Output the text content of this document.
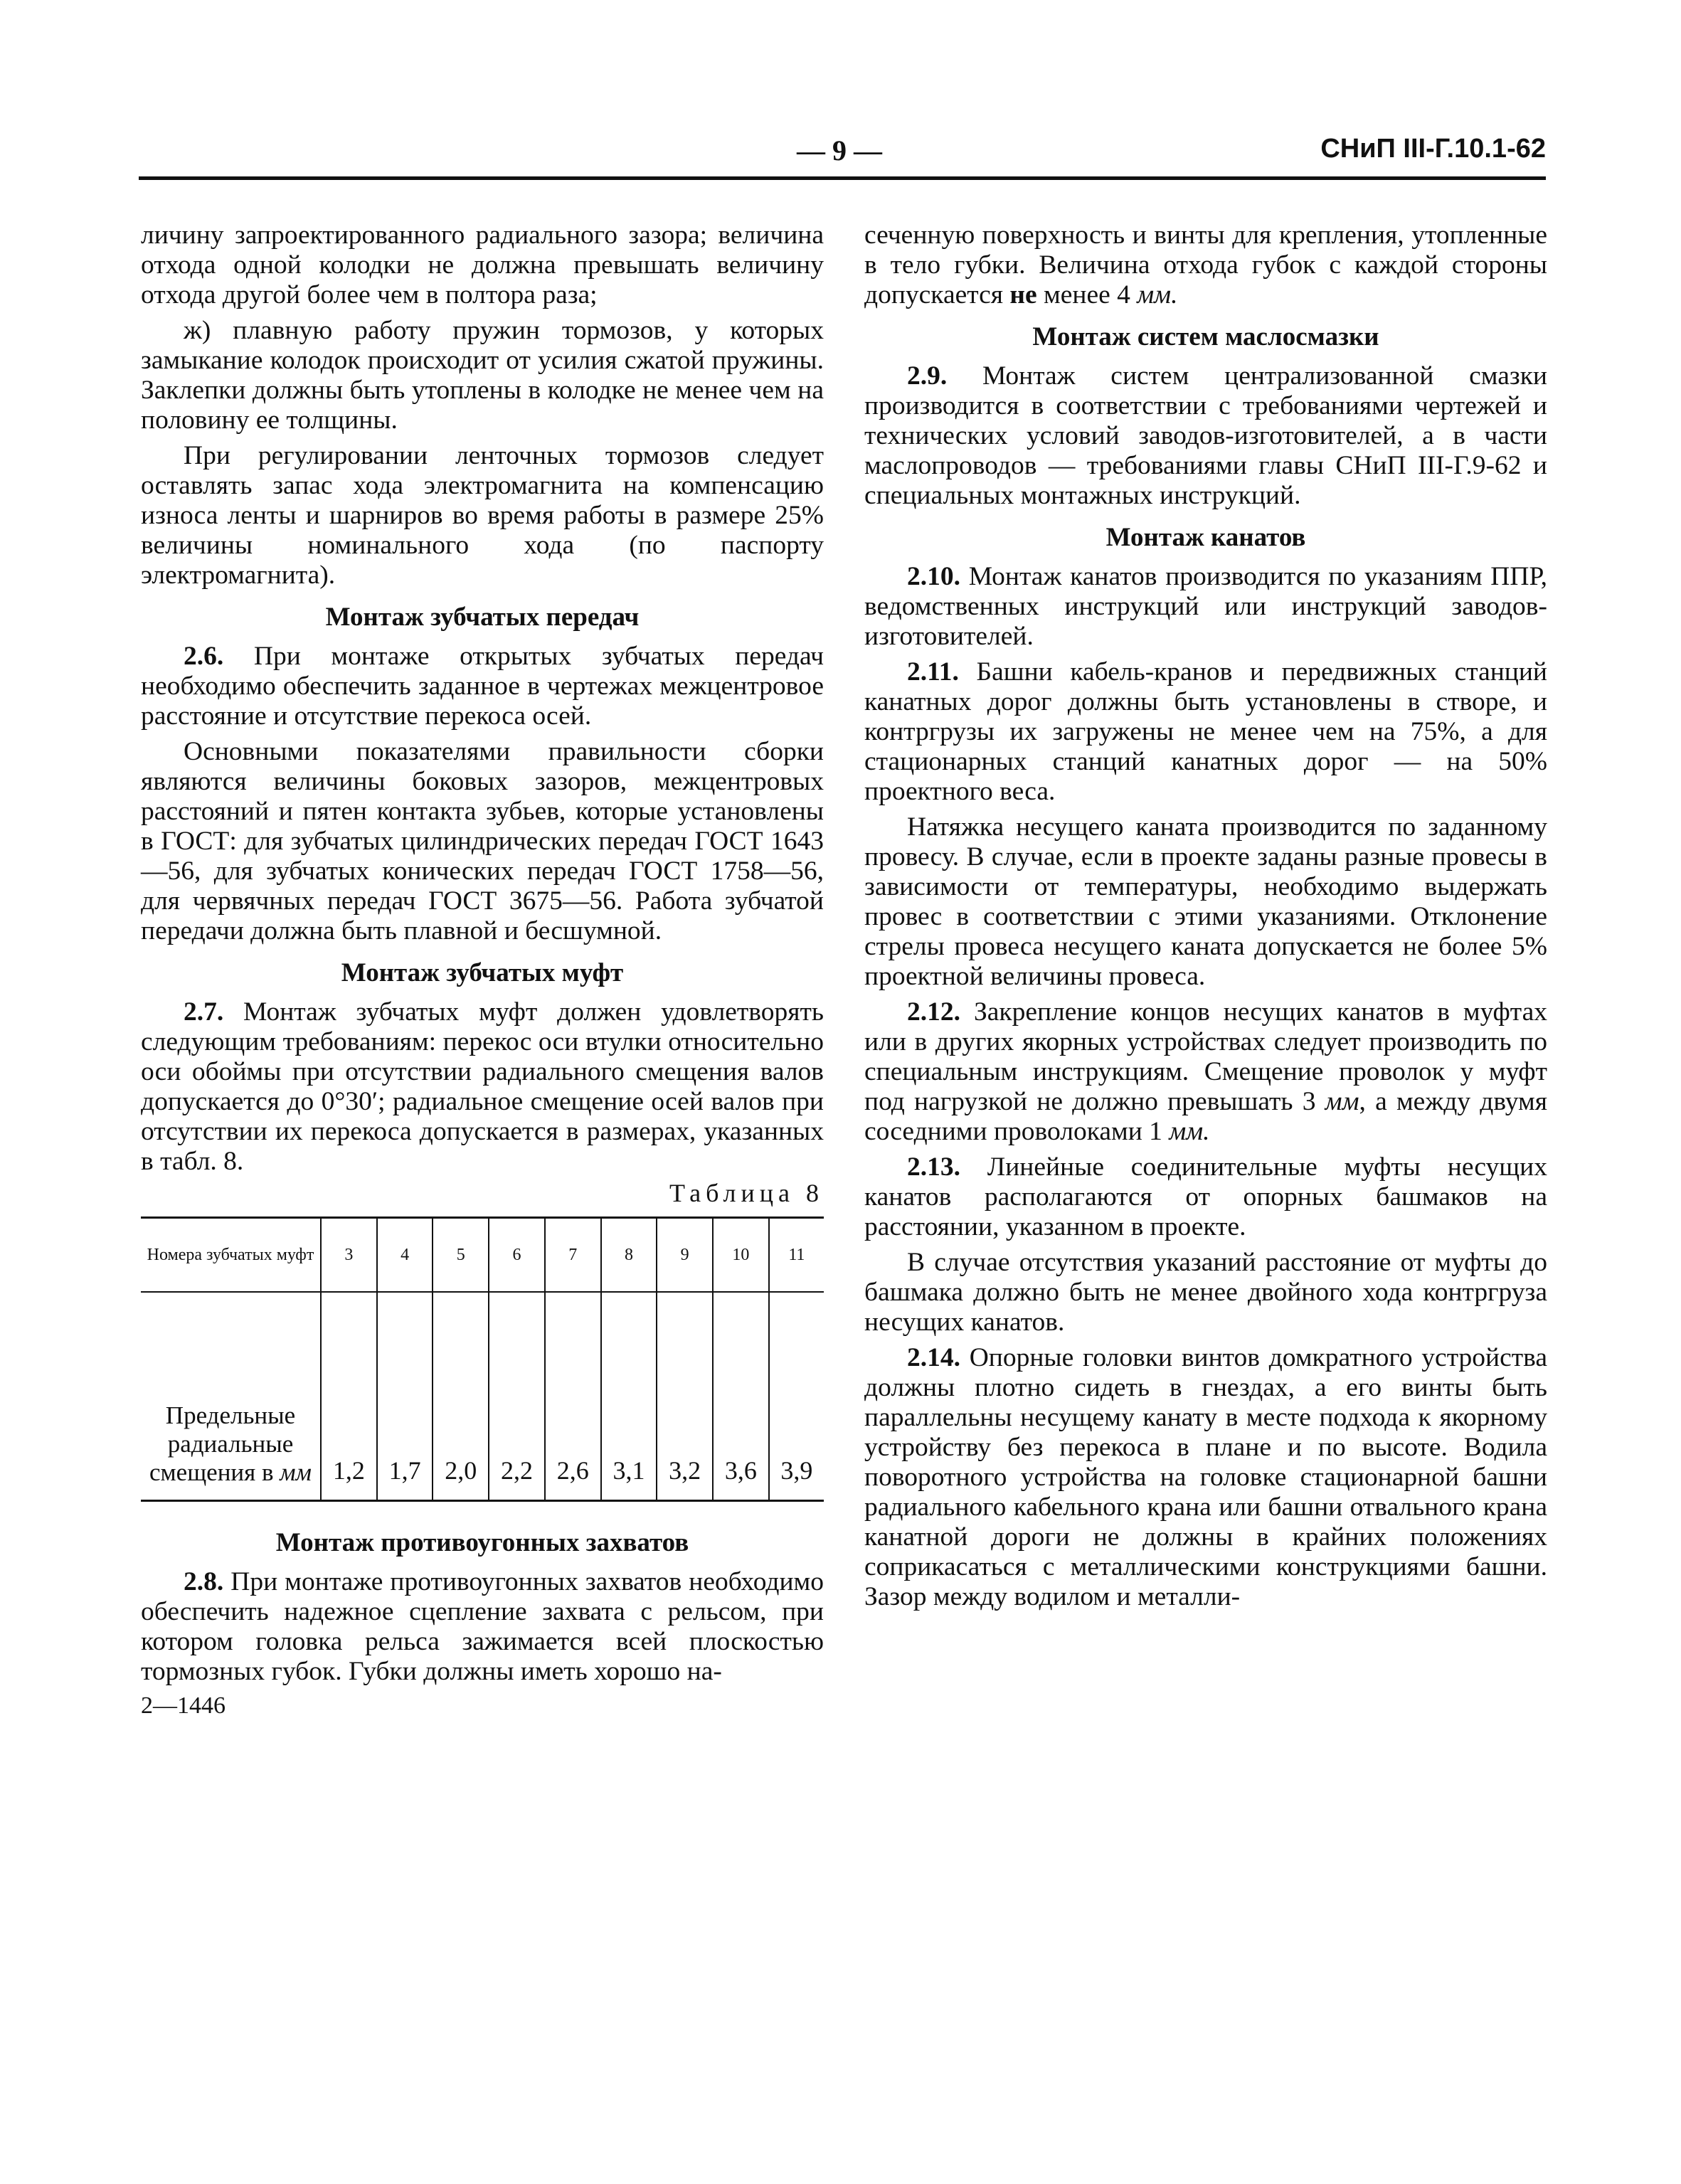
— 9 —	СНиП III-Г.10.1-62

личину запроектированного радиального зазора; величина отхода одной колодки не должна превышать величину отхода другой более чем в полтора раза;

ж) плавную работу пружин тормозов, у которых замыкание колодок происходит от усилия сжатой пружины. Заклепки должны быть утоплены в колодке не менее чем на половину ее толщины.

При регулировании ленточных тормозов следует оставлять запас хода электромагнита на компенсацию износа ленты и шарниров во время работы в размере 25% величины номинального хода (по паспорту электромагнита).

Монтаж зубчатых передач

2.6. При монтаже открытых зубчатых передач необходимо обеспечить заданное в чертежах межцентровое расстояние и отсутствие перекоса осей.

Основными показателями правильности сборки являются величины боковых зазоров, межцентровых расстояний и пятен контакта зубьев, которые установлены в ГОСТ: для зубчатых цилиндрических передач ГОСТ 1643—56, для зубчатых конических передач ГОСТ 1758—56, для червячных передач ГОСТ 3675—56. Работа зубчатой передачи должна быть плавной и бесшумной.

Монтаж зубчатых муфт

2.7. Монтаж зубчатых муфт должен удовлетворять следующим требованиям: перекос оси втулки относительно оси обоймы при отсутствии радиального смещения валов допускается до 0°30′; радиальное смещение осей валов при отсутствии их перекоса допускается в размерах, указанных в табл. 8.

Таблица 8
Номера зубчатых муфт	3	4	5	6	7	8	9	10	11
Предельные радиальные смещения в мм	1,2	1,7	2,0	2,2	2,6	3,1	3,2	3,6	3,9
Монтаж противоугонных захватов

2.8. При монтаже противоугонных захватов необходимо обеспечить надежное сцепление захвата с рельсом, при котором головка рельса зажимается всей плоскостью тормозных губок. Губки должны иметь хорошо на-

2—1446

сеченную поверхность и винты для крепления, утопленные в тело губки. Величина отхода губок с каждой стороны допускается не менее 4 мм.

Монтаж систем маслосмазки

2.9. Монтаж систем централизованной смазки производится в соответствии с требованиями чертежей и технических условий заводов-изготовителей, а в части маслопроводов — требованиями главы СНиП III-Г.9-62 и специальных монтажных инструкций.

Монтаж канатов

2.10. Монтаж канатов производится по указаниям ППР, ведомственных инструкций или инструкций заводов-изготовителей.

2.11. Башни кабель-кранов и передвижных станций канатных дорог должны быть установлены в створе, и контргрузы их загружены не менее чем на 75%, а для стационарных станций канатных дорог — на 50% проектного веса.

Натяжка несущего каната производится по заданному провесу. В случае, если в проекте заданы разные провесы в зависимости от температуры, необходимо выдержать провес в соответствии с этими указаниями. Отклонение стрелы провеса несущего каната допускается не более 5% проектной величины провеса.

2.12. Закрепление концов несущих канатов в муфтах или в других якорных устройствах следует производить по специальным инструкциям. Смещение проволок у муфт под нагрузкой не должно превышать 3 мм, а между двумя соседними проволоками 1 мм.

2.13. Линейные соединительные муфты несущих канатов располагаются от опорных башмаков на расстоянии, указанном в проекте.

В случае отсутствия указаний расстояние от муфты до башмака должно быть не менее двойного хода контргруза несущих канатов.

2.14. Опорные головки винтов домкратного устройства должны плотно сидеть в гнездах, а его винты быть параллельны несущему канату в месте подхода к якорному устройству без перекоса в плане и по высоте. Водила поворотного устройства на головке стационарной башни радиального кабельного крана или башни отвального крана канатной дороги не должны в крайних положениях соприкасаться с металлическими конструкциями башни. Зазор между водилом и металли-
